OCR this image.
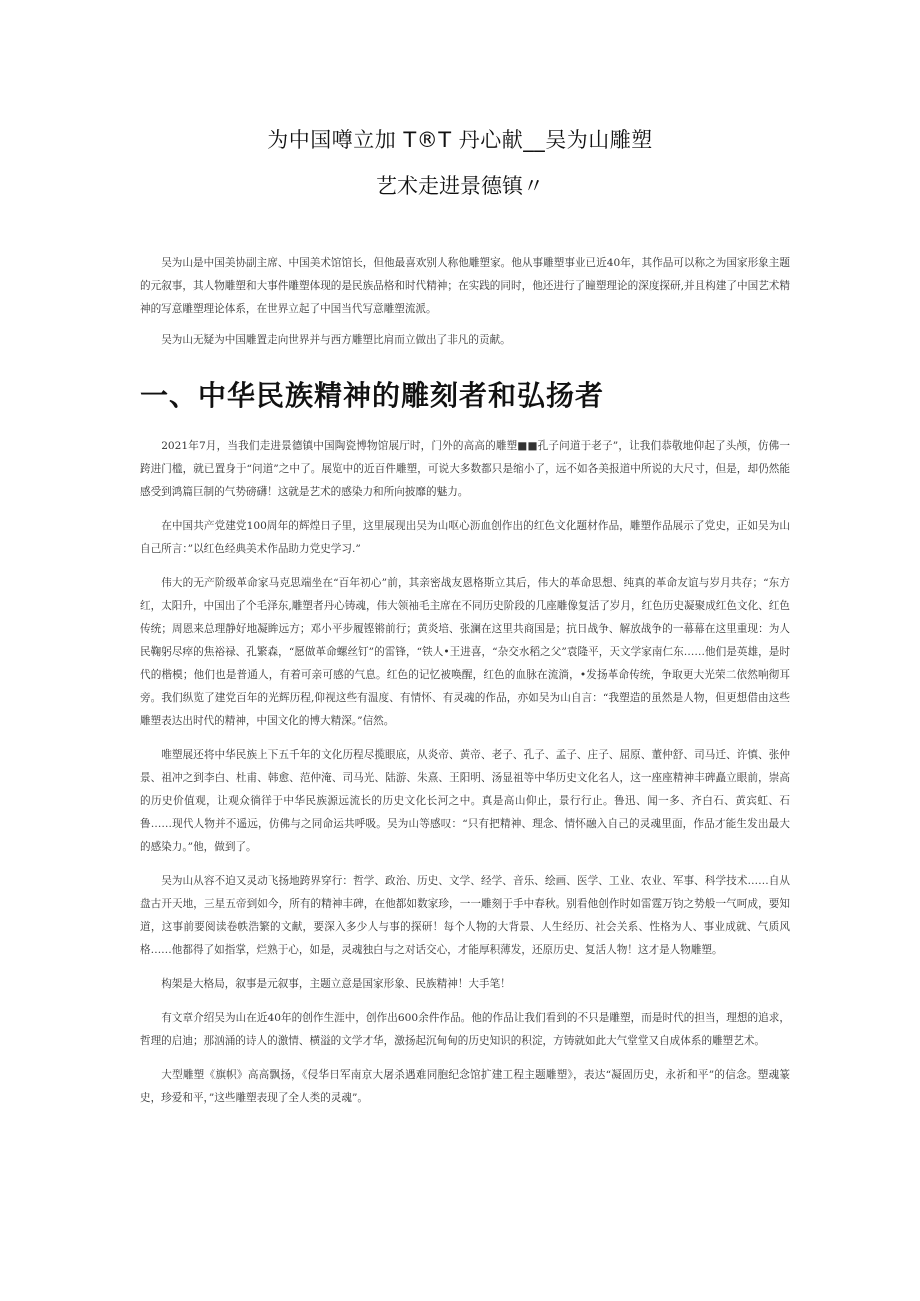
为中国噂立加 T®T 丹心献__吴为山雕塑
艺术走进景德镇〃

吴为山是中国美协副主席、中国美术馆馆长，但他最喜欢别人称他雕塑家。他从事雕塑事业已近40年，其作品可以称之为国家形象主题的元叙事，其人物雕塑和大事件雕塑体现的是民族品格和时代精神；在实践的同时，他还进行了瞳塑理论的深度探研,并且构建了中国艺术精神的写意雕塑理论体系，在世界立起了中国当代写意雕塑流派。

吴为山无疑为中国雕置走向世界并与西方雕塑比肩而立做出了非凡的贡献。

一、中华民族精神的雕刻者和弘扬者

2021年7月，当我们走进景德镇中国陶瓷博物馆展厅时，门外的高高的雕塑■■孔子问道于老子”，让我们恭敬地仰起了头颅，仿佛一跨进门槛，就已置身于“问道”之中了。展览中的近百件雕塑，可说大多数都只是缩小了，远不如各美报道中所说的大尺寸，但是，却仍然能感受到鸿篇巨制的气势磅礴！这就是艺术的感染力和所向披靡的魅力。

在中国共产党建党100周年的辉煌日子里，这里展现出吴为山呕心沥血创作出的红色文化题材作品，雕塑作品展示了党史，正如吴为山自己所言：”以红色经典美术作品助力党史学习.”

伟大的无产阶级革命家马克思端坐在“百年初心”前，其亲密战友恩格斯立其后，伟大的革命思想、纯真的革命友谊与岁月共存；“东方红，太阳升，中国出了个毛泽东,雕塑者丹心铸魂，伟大领袖毛主席在不同历史阶段的几座雕像复活了岁月，红色历史凝聚成红色文化、红色传统；周恩来总理静好地凝眸远方；邓小平步履铿锵前行；黄炎培、张澜在这里共商国是；抗日战争、解放战争的一幕幕在这里重现：为人民鞠躬尽瘁的焦裕禄、孔繁森，“愿做革命螺丝钉”的雷锋，“铁人•王进喜，“杂交水稻之父”袁隆平，天文学家南仁东……他们是英雄，是时代的楷模；他们也是普通人，有着可亲可感的气息。红色的记忆被唤醒，红色的血脉在流淌，•发扬革命传统，争取更大光荣二依然响彻耳旁。我们纵览了建党百年的光辉历程,仰视这些有温度、有情怀、有灵魂的作品，亦如吴为山自言：“我塑造的虽然是人物，但更想借由这些雕塑表达出时代的精神，中国文化的博大精深。”信然。

唯塑展还将中华民族上下五千年的文化历程尽揽眼底，从炎帝、黄帝、老子、孔子、孟子、庄子、屈原、董仲舒、司马迁、许慎、张仲景、祖冲之到李白、杜甫、韩愈、范仲淹、司马光、陆游、朱熹、王阳明、汤显祖等中华历史文化名人，这一座座精神丰碑矗立眼前，崇高的历史价值观，让观众徜徉于中华民族源远流长的历史文化长河之中。真是高山仰止，景行行止。鲁迅、闻一多、齐白石、黄宾虹、石鲁……现代人物并不遥远，仿佛与之同命运共呼吸。吴为山等感叹：“只有把精神、理念、情怀融入自己的灵魂里面，作品才能生发出最大的感染力。”他，做到了。

吴为山从容不迫又灵动飞扬地跨界穿行：哲学、政治、历史、文学、经学、音乐、绘画、医学、工业、农业、军事、科学技术……自从盘古开天地，三星五帝到如今，所有的精神丰碑，在他都如数家珍，一一雕刻于手中春秋。别看他创作时如雷霆万钧之势般一气呵成，要知道，这事前要阅读卷帙浩繁的文献，要深入多少人与事的探研！每个人物的大背景、人生经历、社会关系、性格为人、事业成就、气质风格……他都得了如指掌，烂熟于心，如是，灵魂独白与之对话交心，才能厚积薄发，还原历史、复活人物！这才是人物雕塑。

构架是大格局，叙事是元叙事，主题立意是国家形象、民族精神！大手笔！

有文章介绍吴为山在近40年的创作生涯中，创作出600余件作品。他的作品让我们看到的不只是雕塑，而是时代的担当，理想的追求，哲理的启迪；那汹涌的诗人的激情、横溢的文学才华，激扬起沉甸甸的历史知识的积淀，方铸就如此大气堂堂又自成体系的雕塑艺术。

大型雕塑《旗帜》高高飘扬，《侵华日军南京大屠杀遇难同胞纪念馆扩建工程主题雕塑》，表达“凝固历史，永祈和平”的信念。塑魂篆史，珍爱和平，”这些雕塑表现了全人类的灵魂”。
